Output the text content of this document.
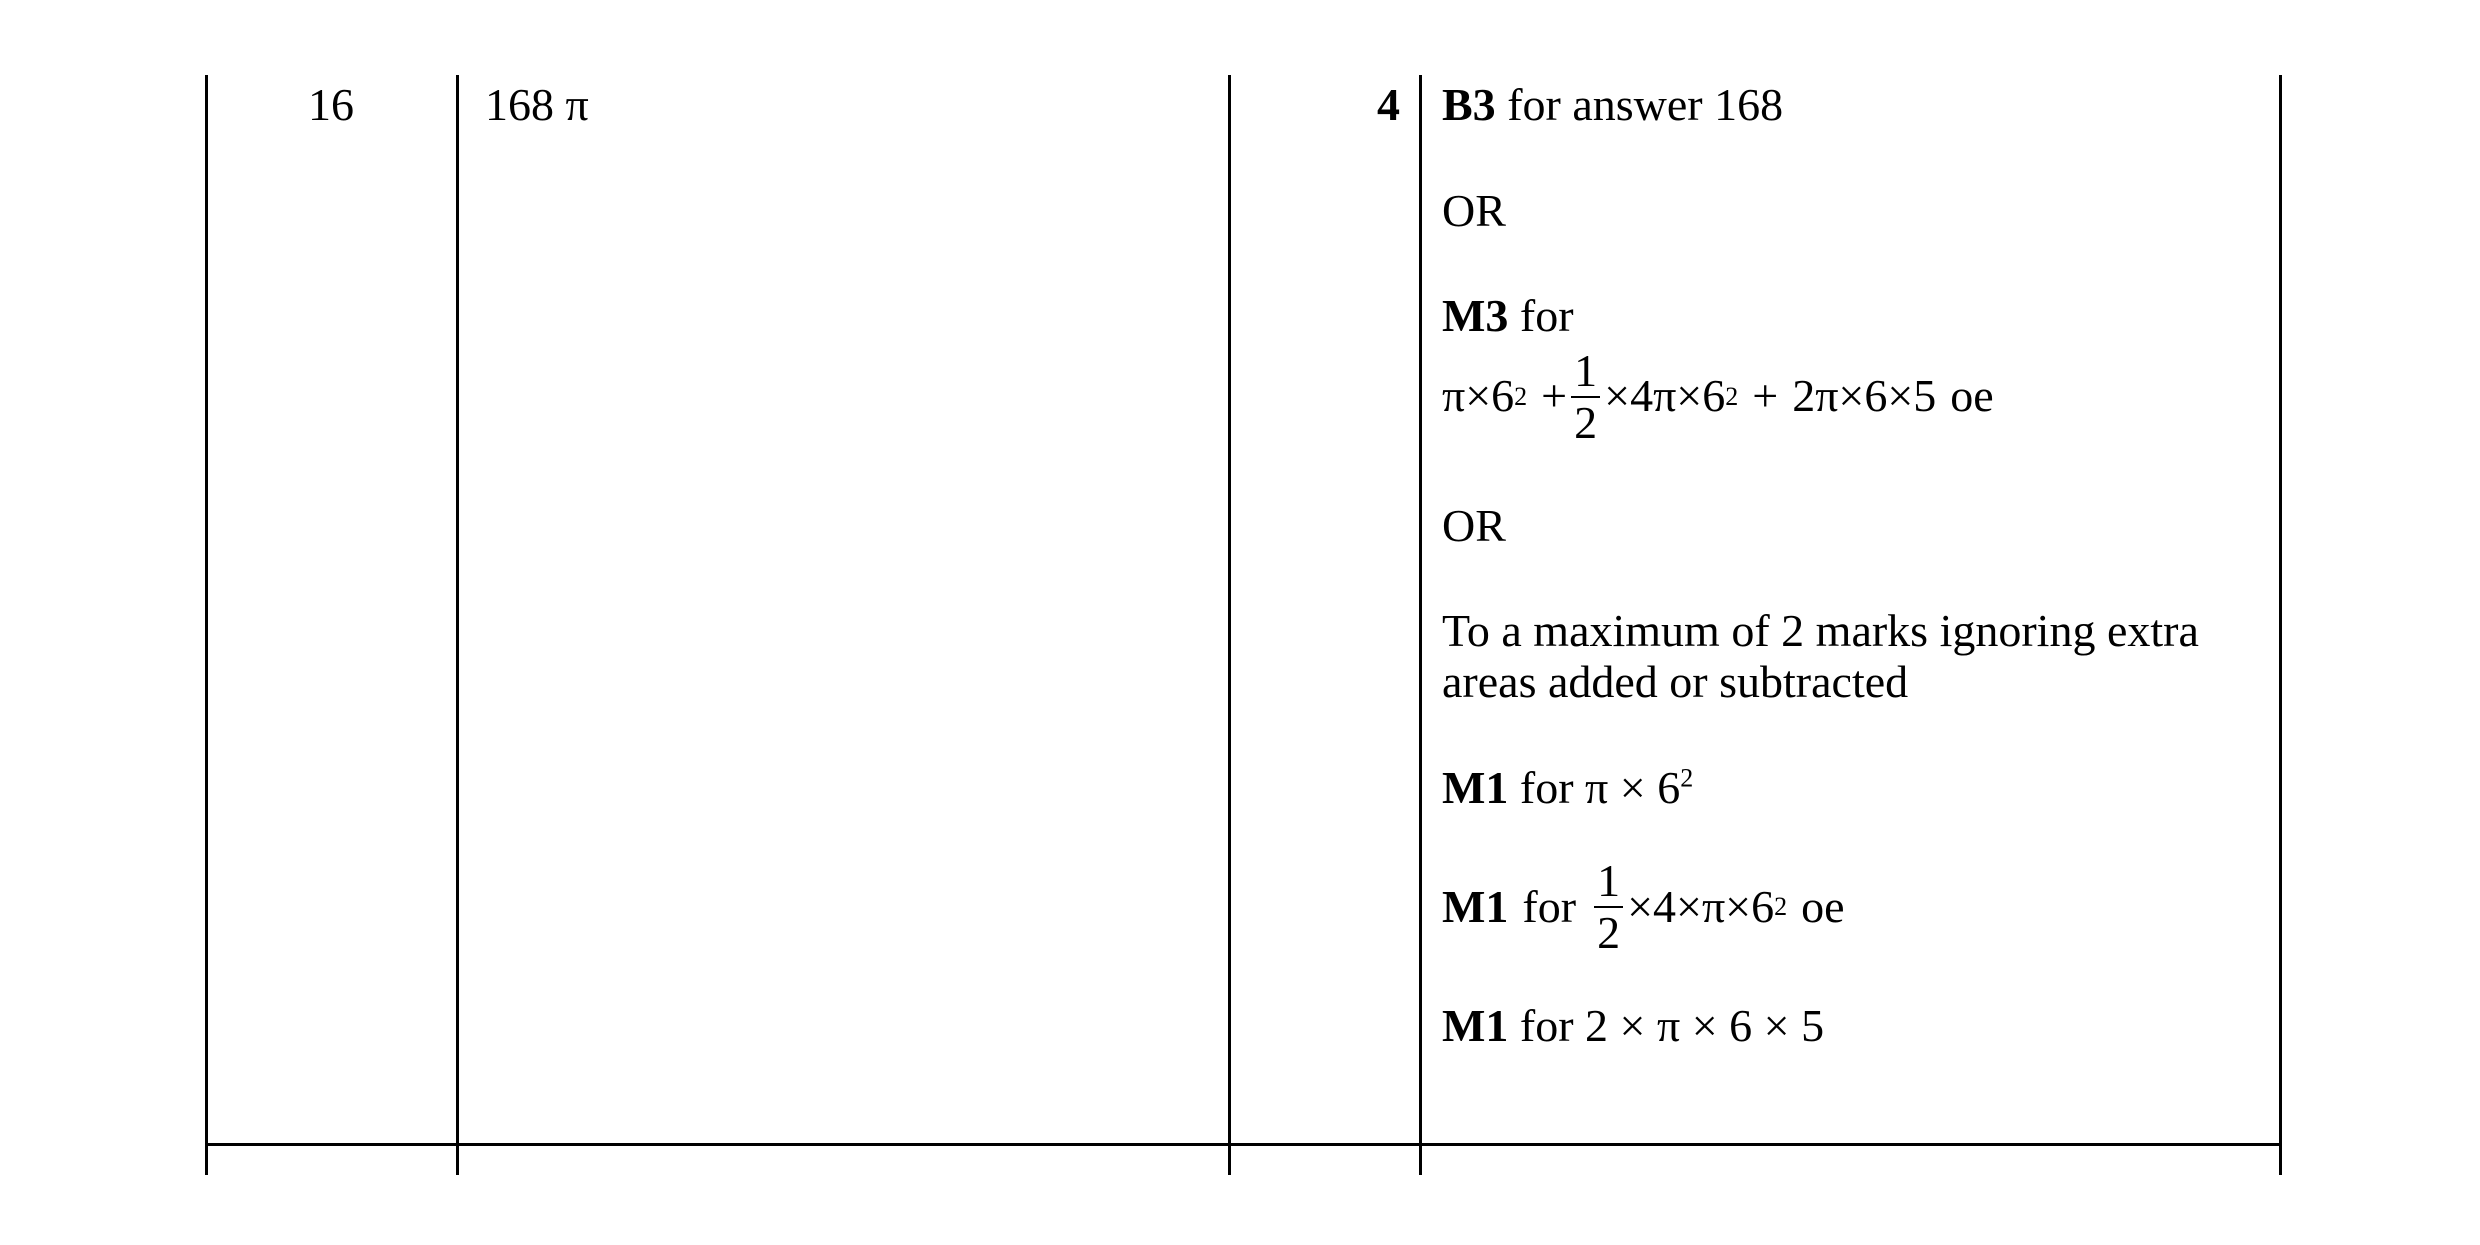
16	168 π	4 B3 for answer 168

OR

M3 for

π×6 $2 + \frac{1}{2} \times 4\pi\times 6$ 2 + 2π×6×5 oe

OR

To a maximum of 2 marks ignoring extra areas added or subtracted

M1 for $\pi \times 6^2$

M1 for $\frac{1}{2} \times 4\times\pi\times 6$ 2 oe

M1 for 2 × π × 6 × 5
